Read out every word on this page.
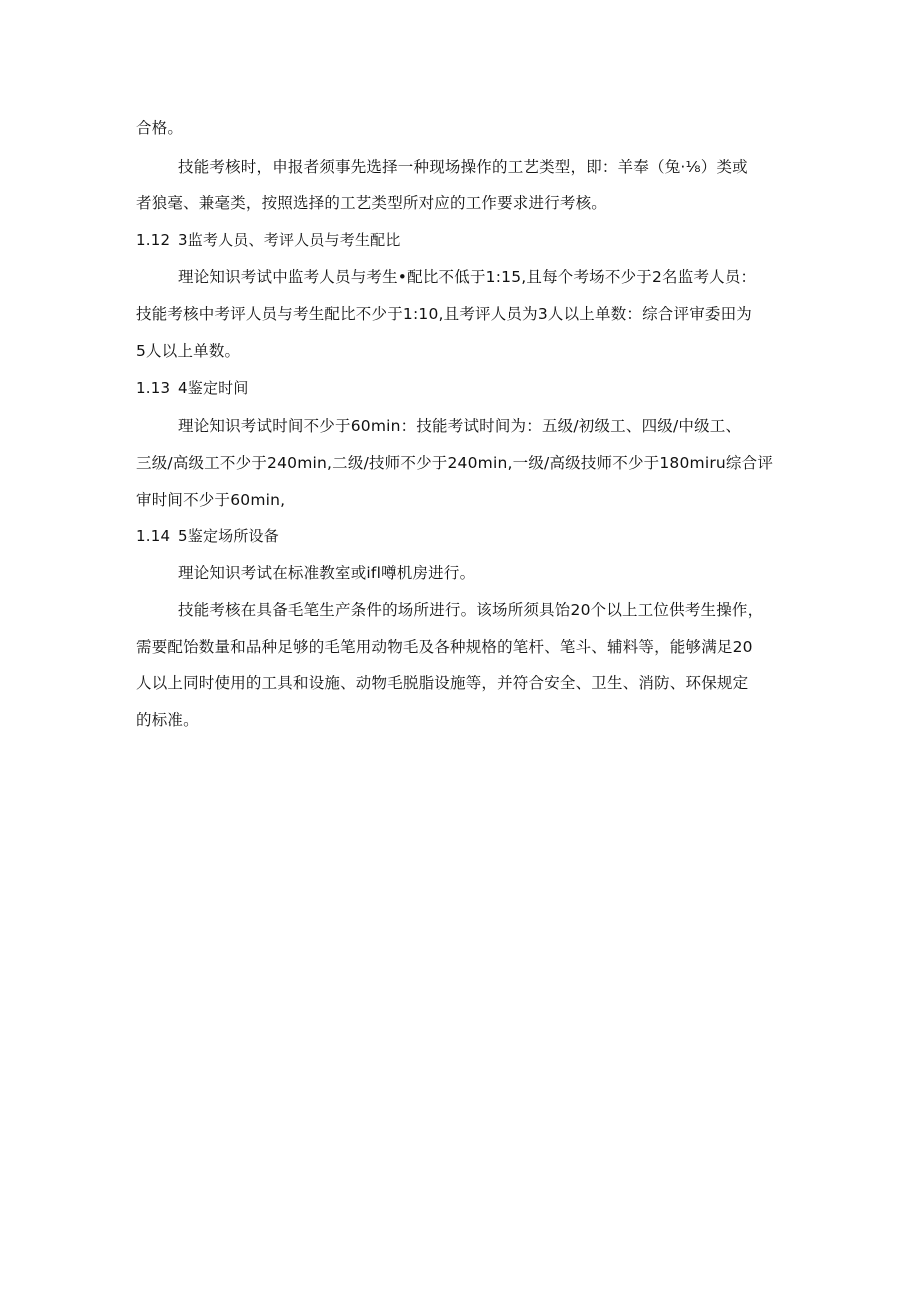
合格。
技能考核时，申报者须事先选择一种现场操作的工艺类型，即：羊奉（兔·⅛）类或
者狼毫、兼毫类，按照选择的工艺类型所对应的工作要求进行考核。
1.12 3监考人员、考评人员与考生配比
理论知识考试中监考人员与考生•配比不低于1:15,且每个考场不少于2名监考人员：
技能考核中考评人员与考生配比不少于1:10,且考评人员为3人以上单数：综合评审委田为
5人以上单数。
1.13 4鉴定时间
理论知识考试时间不少于60min：技能考试时间为：五级/初级工、四级/中级工、
三级/高级工不少于240min,二级/技师不少于240min,一级/高级技师不少于180miru综合评
审时间不少于60min,
1.14 5鉴定场所设备
理论知识考试在标准教室或ifl噂机房进行。
技能考核在具备毛笔生产条件的场所进行。该场所须具饴20个以上工位供考生操作，
需要配饴数量和品种足够的毛笔用动物毛及各种规格的笔杆、笔斗、辅料等，能够满足20
人以上同时使用的工具和设施、动物毛脱脂设施等，并符合安全、卫生、消防、环保规定
的标准。
